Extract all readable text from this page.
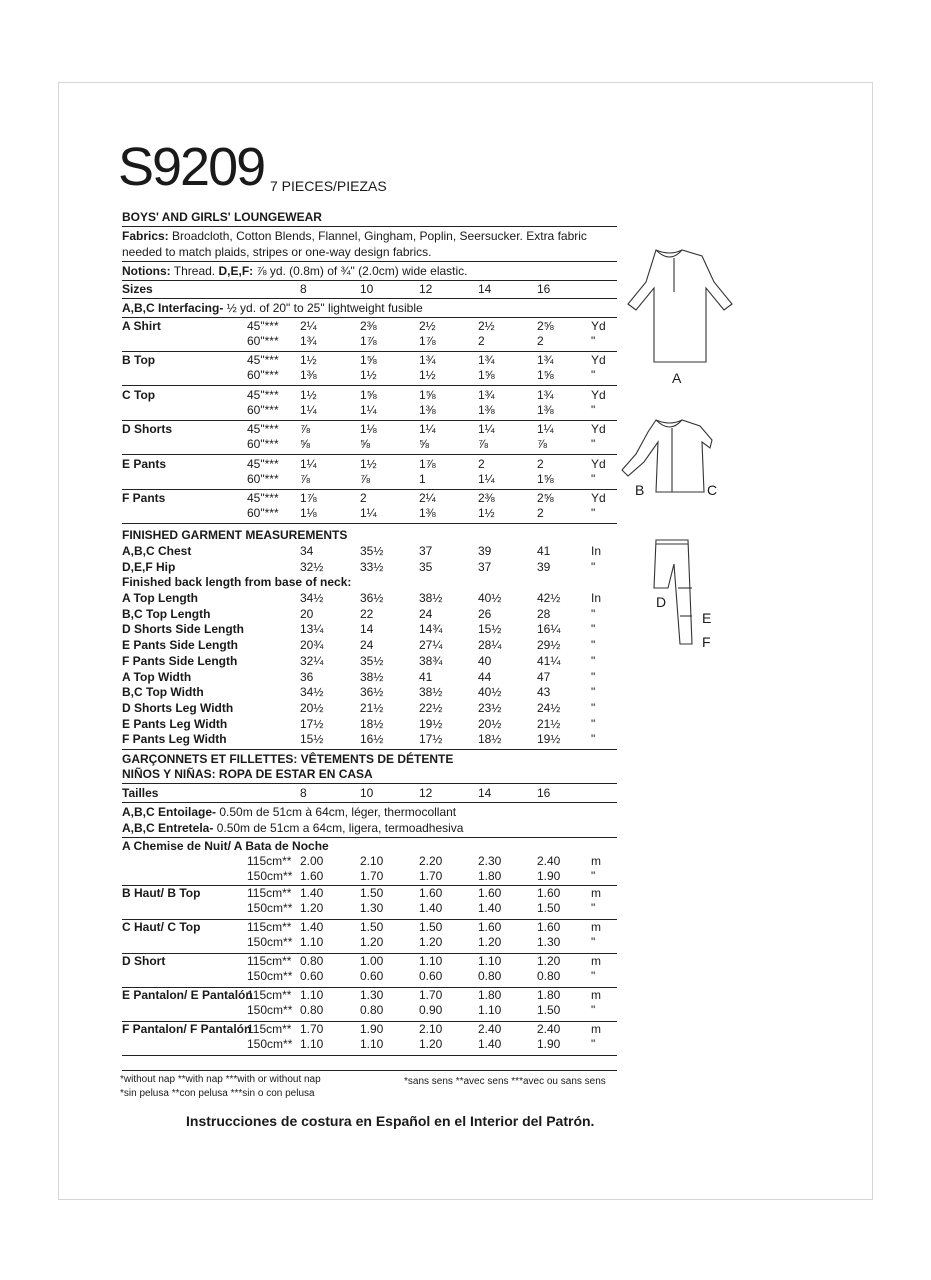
S9209 7 PIECES/PIEZAS
BOYS' AND GIRLS' LOUNGEWEAR
Fabrics: Broadcloth, Cotton Blends, Flannel, Gingham, Poplin, Seersucker. Extra fabric needed to match plaids, stripes or one-way design fabrics.
Notions: Thread. D,E,F: ⅞ yd. (0.8m) of ¾" (2.0cm) wide elastic.
Sizes	8	10	12	14	16
A,B,C Interfacing- ½ yd. of 20" to 25" lightweight fusible
A Shirt	45"*** 2¼	2⅜	2½	2½	2⅝	Yd
60"*** 1¾	1⅞	1⅞	2	2	"
B Top	45"*** 1½	1⅝	1¾	1¾	1¾	Yd
60"*** 1⅜	1½	1½	1⅝	1⅝	"
C Top	45"*** 1½	1⅝	1⅝	1¾	1¾	Yd
60"*** 1¼	1¼	1⅜	1⅜	1⅜	"
D Shorts	45"*** ⅞	1⅛	1¼	1¼	1¼	Yd
60"*** ⅝	⅝	⅝	⅞	⅞	"
E Pants	45"*** 1¼	1½	1⅞	2	2	Yd
60"*** ⅞	⅞	1	1¼	1⅝	"
F Pants	45"*** 1⅞	2	2¼	2⅜	2⅝	Yd
60"*** 1⅛	1¼	1⅜	1½	2	"
FINISHED GARMENT MEASUREMENTS
A,B,C Chest	34	35½	37	39	41	In
D,E,F Hip	32½	33½	35	37	39	"
Finished back length from base of neck:
A Top Length	34½	36½	38½	40½	42½	In
B,C Top Length	20	22	24	26	28	"
D Shorts Side Length	13¼	14	14¾	15½	16¼	"
E Pants Side Length	20¾	24	27¼	28¼	29½	"
F Pants Side Length	32¼	35½	38¾	40	41¼	"
A Top Width	36	38½	41	44	47	"
B,C Top Width	34½	36½	38½	40½	43	"
D Shorts Leg Width	20½	21½	22½	23½	24½	"
E Pants Leg Width	17½	18½	19½	20½	21½	"
F Pants Leg Width	15½	16½	17½	18½	19½	"
GARÇONNETS ET FILLETTES: VÊTEMENTS DE DÉTENTE
NIÑOS Y NIÑAS: ROPA DE ESTAR EN CASA
Tailles	8	10	12	14	16
A,B,C Entoilage- 0.50m de 51cm à 64cm, léger, thermocollant
A,B,C Entretela- 0.50m de 51cm a 64cm, ligera, termoadhesiva
A Chemise de Nuit/ A Bata de Noche
115cm** 2.00	2.10	2.20	2.30	2.40	m
150cm** 1.60	1.70	1.70	1.80	1.90	"
B Haut/ B Top	115cm** 1.40	1.50	1.60	1.60	1.60	m
150cm** 1.20	1.30	1.40	1.40	1.50	"
C Haut/ C Top	115cm** 1.40	1.50	1.50	1.60	1.60	m
150cm** 1.10	1.20	1.20	1.20	1.30	"
D Short	115cm** 0.80	1.00	1.10	1.10	1.20	m
150cm** 0.60	0.60	0.60	0.80	0.80	"
E Pantalon/ E Pantalón
115cm** 1.10	1.30	1.70	1.80	1.80	m
150cm** 0.80	0.80	0.90	1.10	1.50	"
F Pantalon/ F Pantalón
115cm** 1.70	1.90	2.10	2.40	2.40	m
150cm** 1.10	1.10	1.20	1.40	1.90	"
*without nap **with nap ***with or without nap
*sin pelusa **con pelusa ***sin o con pelusa
*sans sens **avec sens ***avec ou sans sens
Instrucciones de costura en Español en el Interior del Patrón.
A
B	C
D
E
F
